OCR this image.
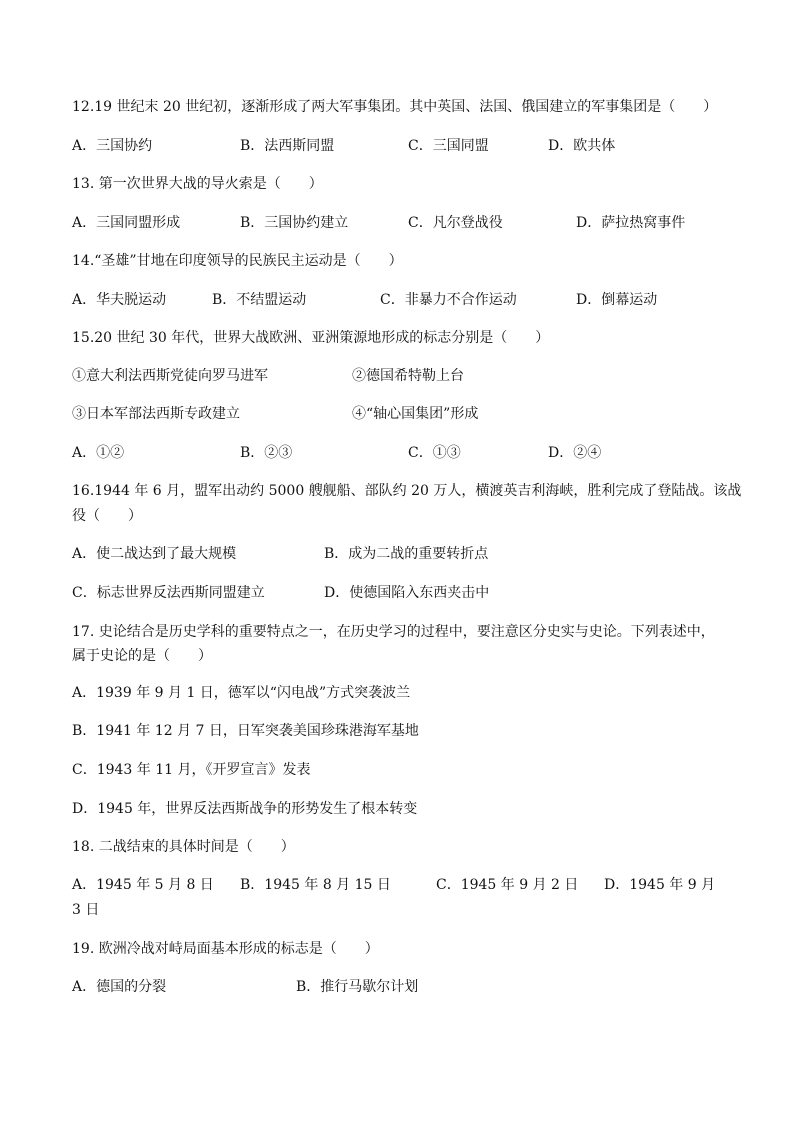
12.19 世纪末 20 世纪初，逐渐形成了两大军事集团。其中英国、法国、俄国建立的军事集团是（　　）
A．三国协约	B．法西斯同盟	C．三国同盟	D．欧共体
13. 第一次世界大战的导火索是（　　）
A．三国同盟形成	B．三国协约建立	C．凡尔登战役	D．萨拉热窝事件
14.“圣雄”甘地在印度领导的民族民主运动是（　　）
A．华夫脱运动	B．不结盟运动	C．非暴力不合作运动	D．倒幕运动
15.20 世纪 30 年代，世界大战欧洲、亚洲策源地形成的标志分别是（　　）
①意大利法西斯党徒向罗马进军	②德国希特勒上台
③日本军部法西斯专政建立	④“轴心国集团”形成
A．①②	B．②③	C．①③	D．②④
16.1944 年 6 月，盟军出动约 5000 艘舰船、部队约 20 万人，横渡英吉利海峡，胜利完成了登陆战。该战
役（　　）
A．使二战达到了最大规模	B．成为二战的重要转折点
C．标志世界反法西斯同盟建立	D．使德国陷入东西夹击中
17. 史论结合是历史学科的重要特点之一，在历史学习的过程中，要注意区分史实与史论。下列表述中，
属于史论的是（　　）
A．1939 年 9 月 1 日，德军以“闪电战”方式突袭波兰
B．1941 年 12 月 7 日，日军突袭美国珍珠港海军基地
C．1943 年 11 月，《开罗宣言》发表
D．1945 年，世界反法西斯战争的形势发生了根本转变
18. 二战结束的具体时间是（　　）
A．1945 年 5 月 8 日 B．1945 年 8 月 15 日	C．1945 年 9 月 2 日 D．1945 年 9 月
3 日
19. 欧洲冷战对峙局面基本形成的标志是（　　）
A．德国的分裂	B．推行马歇尔计划
